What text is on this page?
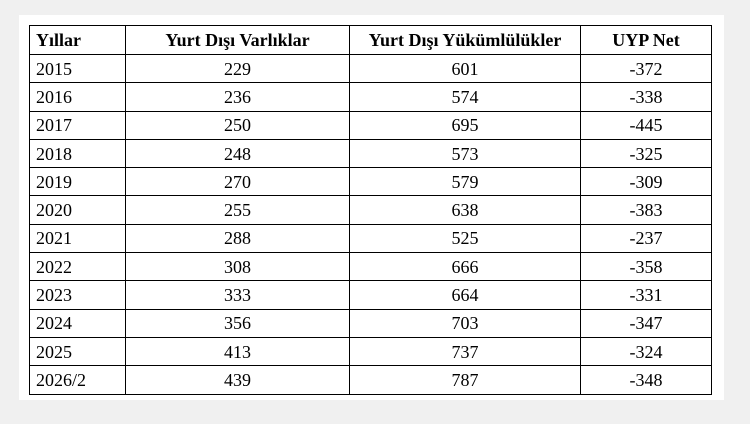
Yıllar	Yurt Dışı Varlıklar	Yurt Dışı Yükümlülükler	UYP Net
2015	229	601	-372
2016	236	574	-338
2017	250	695	-445
2018	248	573	-325
2019	270	579	-309
2020	255	638	-383
2021	288	525	-237
2022	308	666	-358
2023	333	664	-331
2024	356	703	-347
2025	413	737	-324
2026/2	439	787	-348
